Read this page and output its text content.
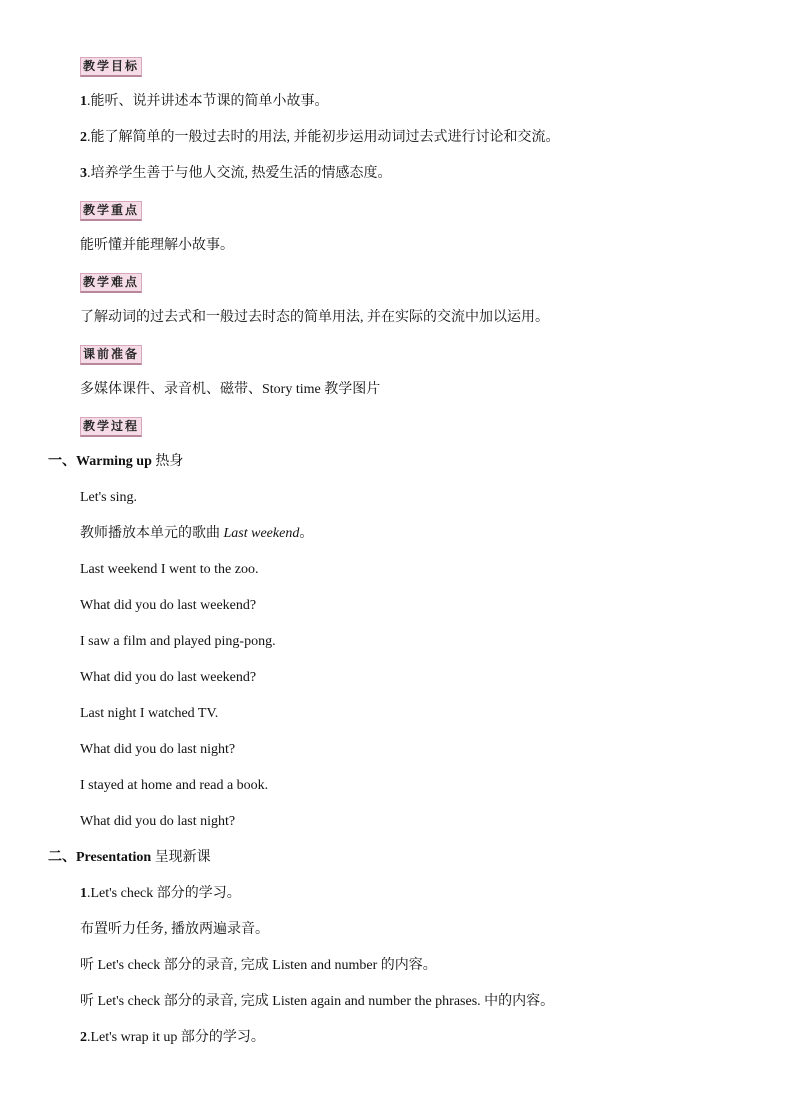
教学目标
1.能听、说并讲述本节课的简单小故事。
2.能了解简单的一般过去时的用法, 并能初步运用动词过去式进行讨论和交流。
3.培养学生善于与他人交流, 热爱生活的情感态度。
教学重点
能听懂并能理解小故事。
教学难点
了解动词的过去式和一般过去时态的简单用法, 并在实际的交流中加以运用。
课前准备
多媒体课件、录音机、磁带、Story time 教学图片
教学过程
一、Warming up 热身
Let's sing.
教师播放本单元的歌曲 Last weekend。
Last weekend I went to the zoo.
What did you do last weekend?
I saw a film and played ping-pong.
What did you do last weekend?
Last night I watched TV.
What did you do last night?
I stayed at home and read a book.
What did you do last night?
二、Presentation 呈现新课
1.Let's check 部分的学习。
布置听力任务, 播放两遍录音。
听 Let's check 部分的录音, 完成 Listen and number 的内容。
听 Let's check 部分的录音, 完成 Listen again and number the phrases. 中的内容。
2.Let's wrap it up 部分的学习。
